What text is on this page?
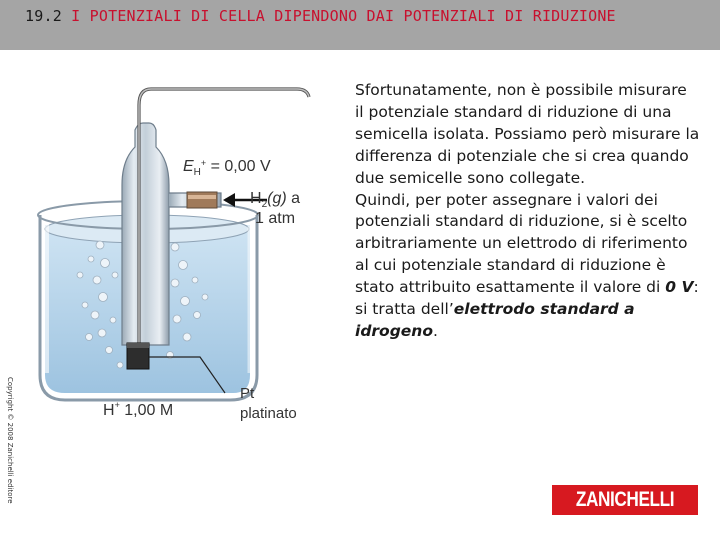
19.2 I POTENZIALI DI CELLA DIPENDONO DAI POTENZIALI DI RIDUZIONE
$E_H^+ = 0,00$ V
$H_2(g)$ a
1 atm
H+ 1,00 M
Pt
platinato

Sfortunatamente, non è possibile misurare il potenziale standard di riduzione di una semicella isolata. Possiamo però misurare la differenza di potenziale che si crea quando

due semicelle sono collegate.

Quindi, per poter assegnare i valori dei potenziali standard di riduzione, si è scelto arbitrariamente un elettrodo di riferimento al cui potenziale standard di riduzione è stato attribuito esattamente il valore di 0 V: si tratta dell’elettrodo standard a idrogeno.

Copyright © 2008 Zanichelli editore	ZANICHELLI
